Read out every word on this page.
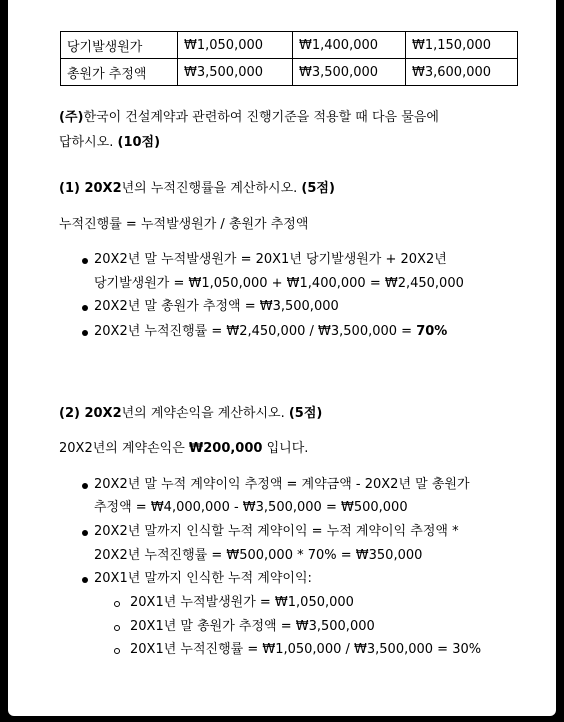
당기발생원가	₩1,050,000	₩1,400,000	₩1,150,000
총원가 추정액	₩3,500,000	₩3,500,000	₩3,600,000
(주)한국이 건설계약과 관련하여 진행기준을 적용할 때 다음 물음에
답하시오. (10점)
(1) 20X2년의 누적진행률을 계산하시오. (5점)
누적진행률 = 누적발생원가 / 총원가 추정액
20X2년 말 누적발생원가 = 20X1년 당기발생원가 + 20X2년
당기발생원가 = ₩1,050,000 + ₩1,400,000 = ₩2,450,000
20X2년 말 총원가 추정액 = ₩3,500,000
20X2년 누적진행률 = ₩2,450,000 / ₩3,500,000 = 70%
(2) 20X2년의 계약손익을 계산하시오. (5점)
20X2년의 계약손익은 ₩200,000 입니다.
20X2년 말 누적 계약이익 추정액 = 계약금액 - 20X2년 말 총원가
추정액 = ₩4,000,000 - ₩3,500,000 = ₩500,000
20X2년 말까지 인식할 누적 계약이익 = 누적 계약이익 추정액 *
20X2년 누적진행률 = ₩500,000 * 70% = ₩350,000
20X1년 말까지 인식한 누적 계약이익:
20X1년 누적발생원가 = ₩1,050,000
20X1년 말 총원가 추정액 = ₩3,500,000
20X1년 누적진행률 = ₩1,050,000 / ₩3,500,000 = 30%
